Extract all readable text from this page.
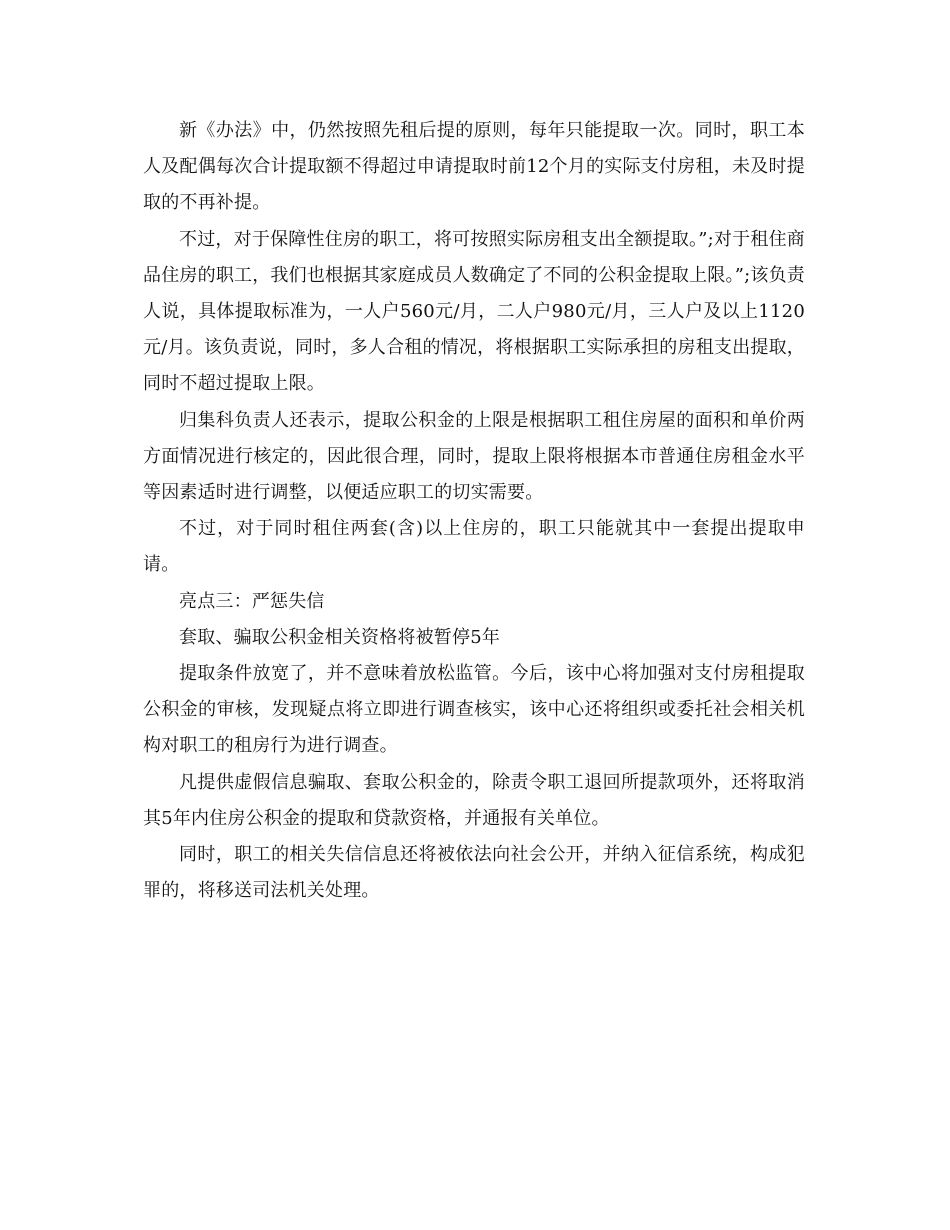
新《办法》中，仍然按照先租后提的原则，每年只能提取一次。同时，职工本人及配偶每次合计提取额不得超过申请提取时前12个月的实际支付房租，未及时提取的不再补提。

不过，对于保障性住房的职工，将可按照实际房租支出全额提取。”;对于租住商品住房的职工，我们也根据其家庭成员人数确定了不同的公积金提取上限。”;该负责人说，具体提取标准为，一人户560元/月，二人户980元/月，三人户及以上1120元/月。该负责说，同时，多人合租的情况，将根据职工实际承担的房租支出提取，同时不超过提取上限。

归集科负责人还表示，提取公积金的上限是根据职工租住房屋的面积和单价两方面情况进行核定的，因此很合理，同时，提取上限将根据本市普通住房租金水平等因素适时进行调整，以便适应职工的切实需要。

不过，对于同时租住两套(含)以上住房的，职工只能就其中一套提出提取申请。

亮点三：严惩失信

套取、骗取公积金相关资格将被暂停5年

提取条件放宽了，并不意味着放松监管。今后，该中心将加强对支付房租提取公积金的审核，发现疑点将立即进行调查核实，该中心还将组织或委托社会相关机构对职工的租房行为进行调查。

凡提供虚假信息骗取、套取公积金的，除责令职工退回所提款项外，还将取消其5年内住房公积金的提取和贷款资格，并通报有关单位。

同时，职工的相关失信信息还将被依法向社会公开，并纳入征信系统，构成犯罪的，将移送司法机关处理。
